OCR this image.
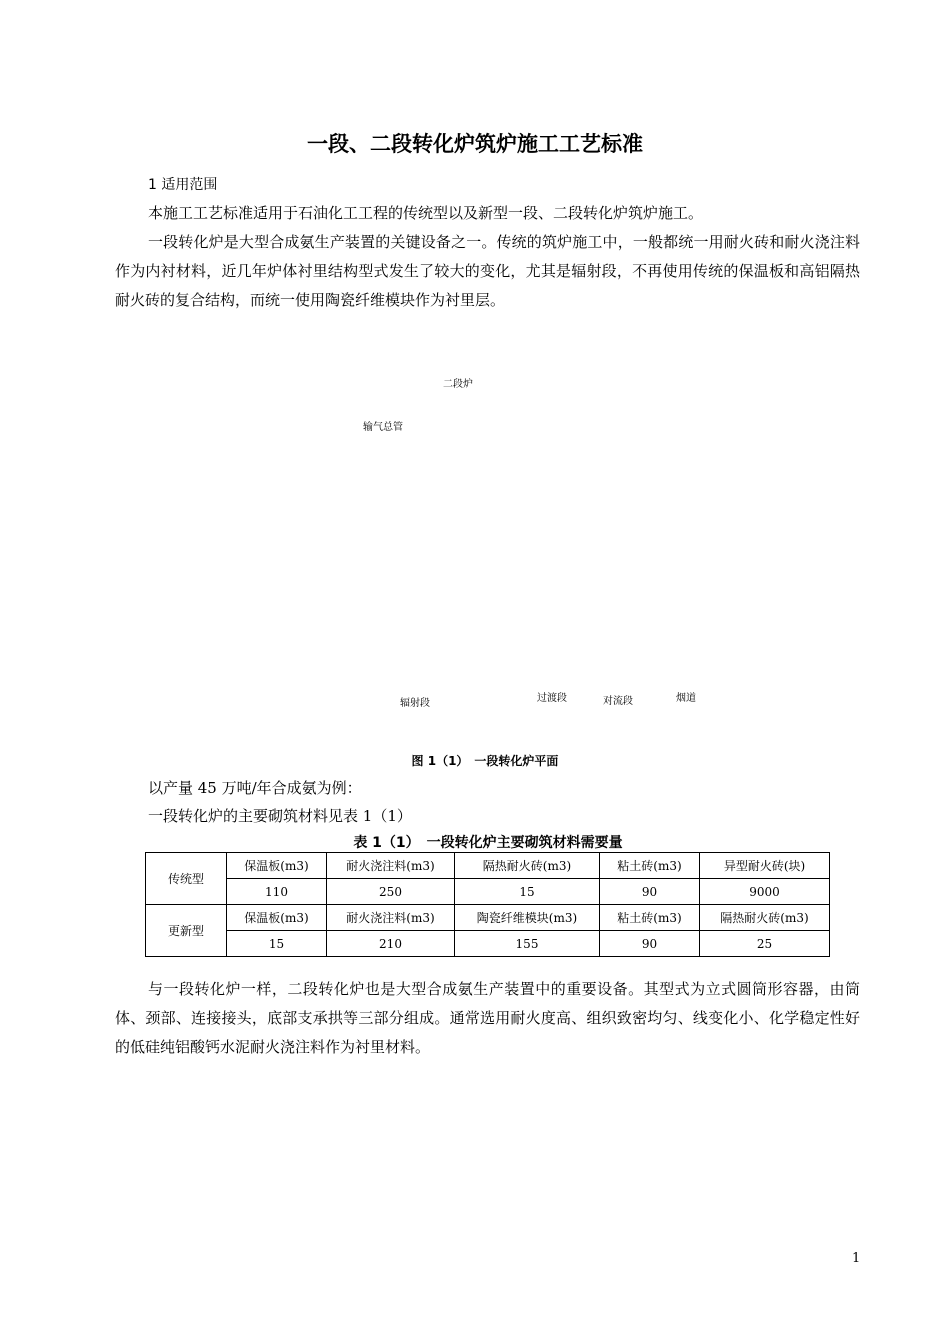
一段、二段转化炉筑炉施工工艺标准
1 适用范围
本施工工艺标准适用于石油化工工程的传统型以及新型一段、二段转化炉筑炉施工。
一段转化炉是大型合成氨生产装置的关键设备之一。传统的筑炉施工中，一般都统一用耐火砖和耐火浇注料作为内衬材料，近几年炉体衬里结构型式发生了较大的变化，尤其是辐射段，不再使用传统的保温板和高铝隔热耐火砖的复合结构，而统一使用陶瓷纤维模块作为衬里层。
二段炉
输气总管
辐射段	过渡段	对流段	烟道
图 1（1）　一段转化炉平面
以产量 45 万吨/年合成氨为例：
一段转化炉的主要砌筑材料见表 1（1）
表 1（1）　一段转化炉主要砌筑材料需要量
传统型	保温板(m3)	耐火浇注料(m3)	隔热耐火砖(m3)	粘土砖(m3)	异型耐火砖(块)
	110	250	15	90	9000
更新型	保温板(m3)	耐火浇注料(m3)	陶瓷纤维模块(m3)	粘土砖(m3)	隔热耐火砖(m3)
	15	210	155	90	25
与一段转化炉一样，二段转化炉也是大型合成氨生产装置中的重要设备。其型式为立式圆筒形容器，由筒体、颈部、连接接头，底部支承拱等三部分组成。通常选用耐火度高、组织致密均匀、线变化小、化学稳定性好的低硅纯铝酸钙水泥耐火浇注料作为衬里材料。
1
